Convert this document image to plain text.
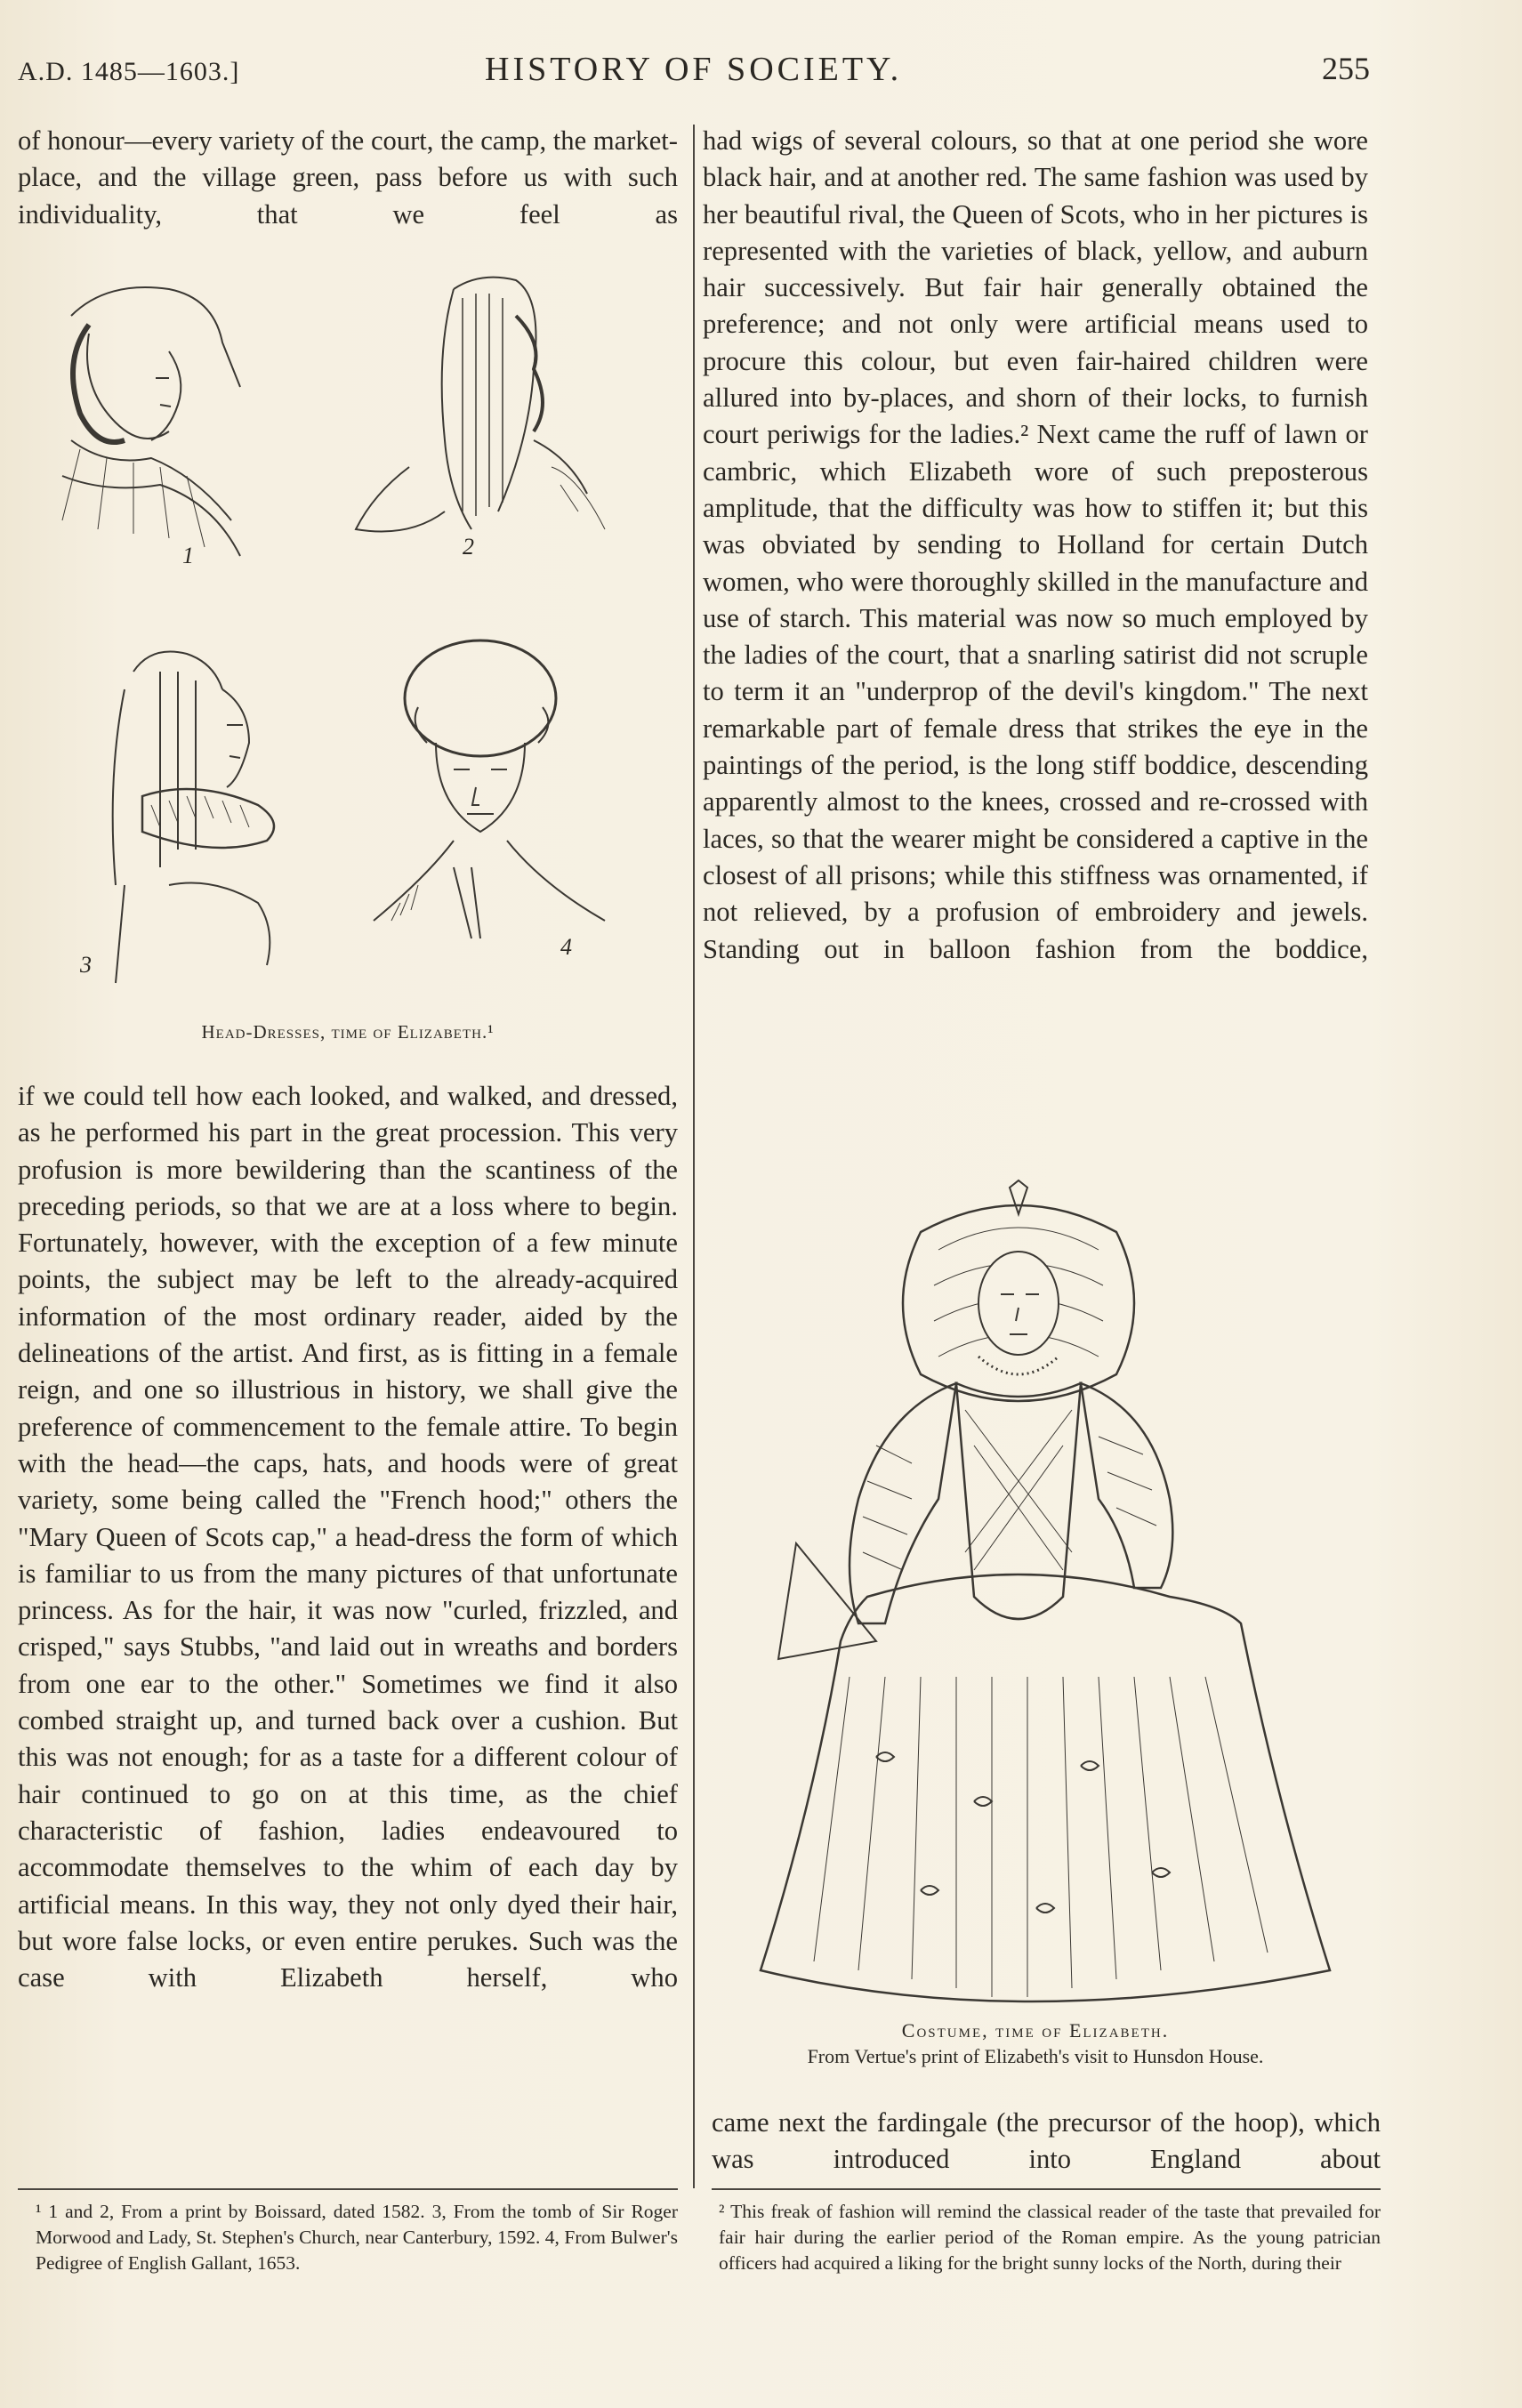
A.D. 1485—1603.]	HISTORY OF SOCIETY.	255

of honour—every variety of the court, the camp, the market-place, and the village green, pass before us with such individuality, that we feel as

1	2
3
4
Head-Dresses, time of Elizabeth.¹

if we could tell how each looked, and walked, and dressed, as he performed his part in the great procession. This very profusion is more bewildering than the scantiness of the preceding periods, so that we are at a loss where to begin. Fortunately, however, with the exception of a few minute points, the subject may be left to the already-acquired information of the most ordinary reader, aided by the delineations of the artist. And first, as is fitting in a female reign, and one so illustrious in history, we shall give the preference of commencement to the female attire. To begin with the head—the caps, hats, and hoods were of great variety, some being called the "French hood;" others the "Mary Queen of Scots cap," a head-dress the form of which is familiar to us from the many pictures of that unfortunate princess. As for the hair, it was now "curled, frizzled, and crisped," says Stubbs, "and laid out in wreaths and borders from one ear to the other." Sometimes we find it also combed straight up, and turned back over a cushion. But this was not enough; for as a taste for a different colour of hair continued to go on at this time, as the chief characteristic of fashion, ladies endeavoured to accommodate themselves to the whim of each day by artificial means. In this way, they not only dyed their hair, but wore false locks, or even entire perukes. Such was the case with Elizabeth herself, who

¹ 1 and 2, From a print by Boissard, dated 1582. 3, From the tomb of Sir Roger Morwood and Lady, St. Stephen's Church, near Canterbury, 1592. 4, From Bulwer's Pedigree of English Gallant, 1653.

had wigs of several colours, so that at one period she wore black hair, and at another red. The same fashion was used by her beautiful rival, the Queen of Scots, who in her pictures is represented with the varieties of black, yellow, and auburn hair successively. But fair hair generally obtained the preference; and not only were artificial means used to procure this colour, but even fair-haired children were allured into by-places, and shorn of their locks, to furnish court periwigs for the ladies.² Next came the ruff of lawn or cambric, which Elizabeth wore of such preposterous amplitude, that the difficulty was how to stiffen it; but this was obviated by sending to Holland for certain Dutch women, who were thoroughly skilled in the manufacture and use of starch. This material was now so much employed by the ladies of the court, that a snarling satirist did not scruple to term it an "underprop of the devil's kingdom." The next remarkable part of female dress that strikes the eye in the paintings of the period, is the long stiff boddice, descending apparently almost to the knees, crossed and re-crossed with laces, so that the wearer might be considered a captive in the closest of all prisons; while this stiffness was ornamented, if not relieved, by a profusion of embroidery and jewels. Standing out in balloon fashion from the boddice,

Costume, time of Elizabeth.
From Vertue's print of Elizabeth's visit to Hunsdon House.

came next the fardingale (the precursor of the hoop), which was introduced into England about

² This freak of fashion will remind the classical reader of the taste that prevailed for fair hair during the earlier period of the Roman empire. As the young patrician officers had acquired a liking for the bright sunny locks of the North, during their
